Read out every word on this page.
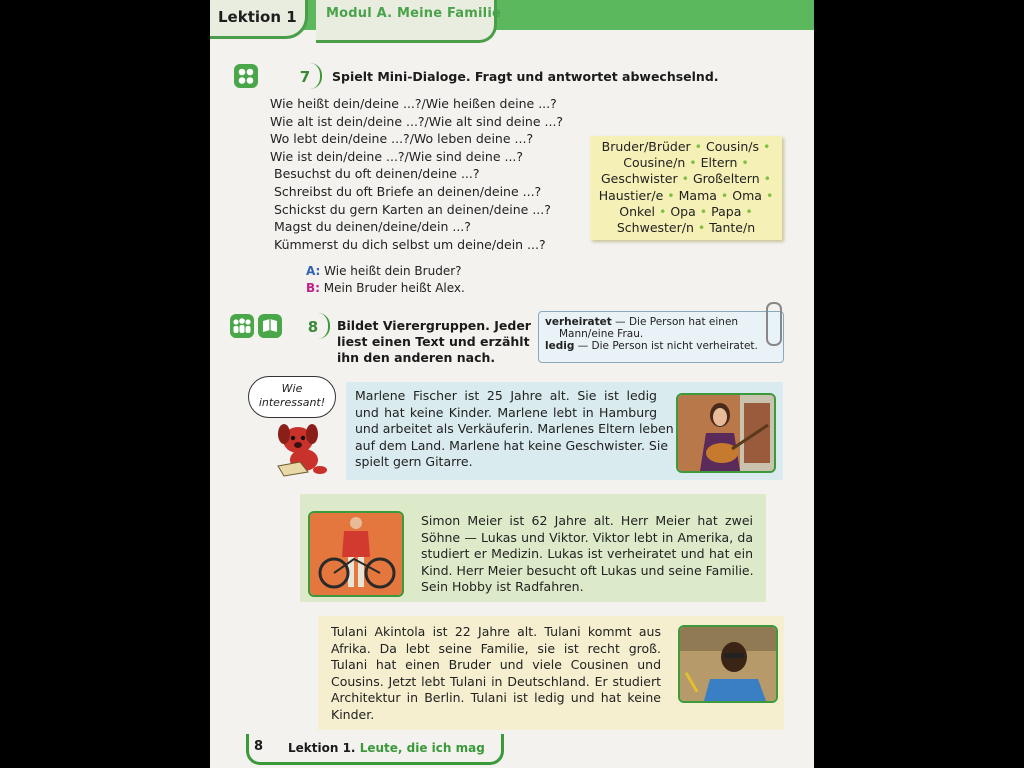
Modul A. Meine Familie
Lektion 1
7	Spielt Mini-Dialoge. Fragt und antwortet abwechselnd.
Wie heißt dein/deine ...?/Wie heißen deine ...?
Wie alt ist dein/deine ...?/Wie alt sind deine ...?
Wo lebt dein/deine ...?/Wo leben deine ...?
Wie ist dein/deine ...?/Wie sind deine ...?
Besuchst du oft deinen/deine ...?
Schreibst du oft Briefe an deinen/deine ...?
Schickst du gern Karten an deinen/deine ...?
Magst du deinen/deine/dein ...?
Kümmerst du dich selbst um deine/dein ...?
A: Wie heißt dein Bruder?
B: Mein Bruder heißt Alex.
Bruder/Brüder • Cousin/s •
Cousine/n • Eltern •
Geschwister • Großeltern •
Haustier/e • Mama • Oma •
Onkel • Opa • Papa •
Schwester/n • Tante/n
8	Bildet Vierergruppen. Jeder
liest einen Text und erzählt
ihn den anderen nach.
verheiratet — Die Person hat einen
Mann/eine Frau.
ledig — Die Person ist nicht verheiratet.
Wie
interessant!	Marlene Fischer ist 25 Jahre alt. Sie ist ledig
und hat keine Kinder. Marlene lebt in Hamburg
und arbeitet als Verkäuferin. Marlenes Eltern leben
auf dem Land. Marlene hat keine Geschwister. Sie
spielt gern Gitarre.
Simon Meier ist 62 Jahre alt. Herr Meier hat zwei
Söhne — Lukas und Viktor. Viktor lebt in Amerika, da
studiert er Medizin. Lukas ist verheiratet und hat ein
Kind. Herr Meier besucht oft Lukas und seine Familie.
Sein Hobby ist Radfahren.
Tulani Akintola ist 22 Jahre alt. Tulani kommt aus
Afrika. Da lebt seine Familie, sie ist recht groß.
Tulani hat einen Bruder und viele Cousinen und
Cousins. Jetzt lebt Tulani in Deutschland. Er studiert
Architektur in Berlin. Tulani ist ledig und hat keine
Kinder.
8 Lektion 1. Leute, die ich mag
